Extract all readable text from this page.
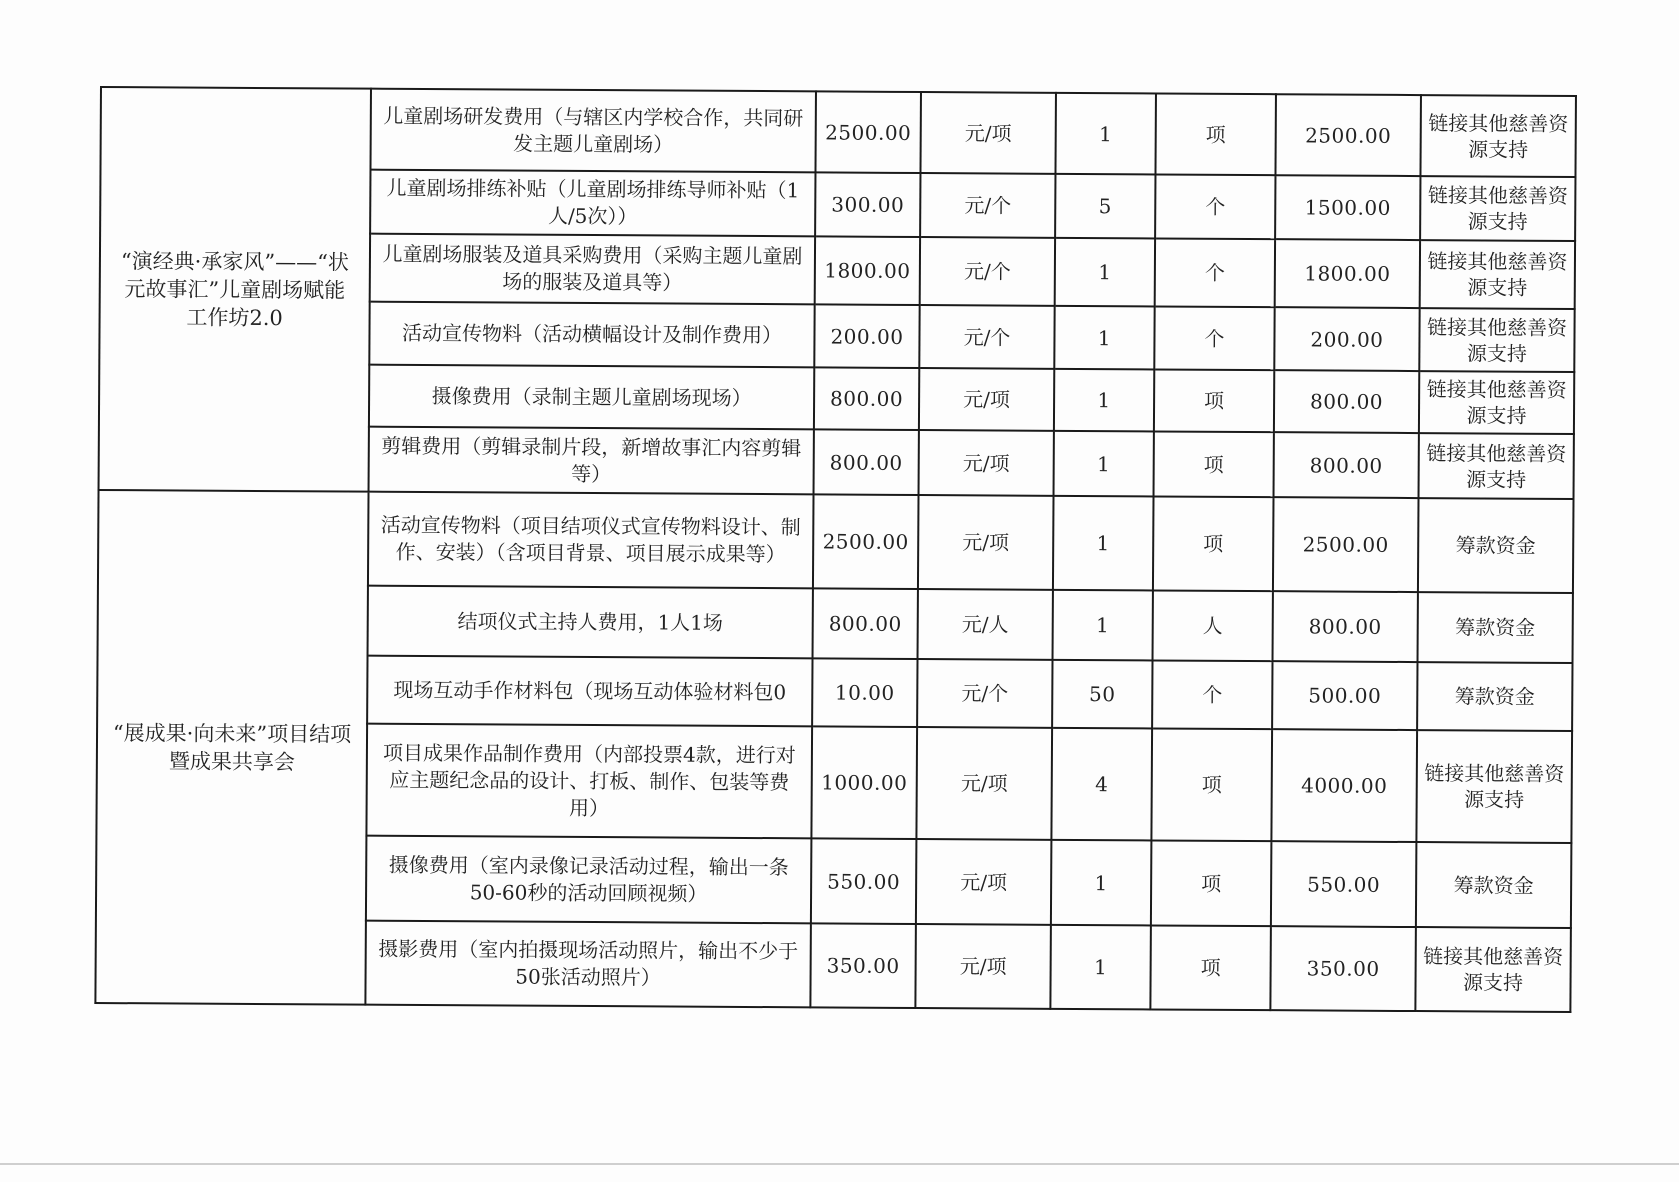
“演经典·承家风”——“状元故事汇”儿童剧场赋能工作坊2.0	儿童剧场研发费用（与辖区内学校合作，共同研发主题儿童剧场）	2500.00	元/项	1	项	2500.00	链接其他慈善资源支持
	儿童剧场排练补贴（儿童剧场排练导师补贴（1人/5次））	300.00	元/个	5	个	1500.00	链接其他慈善资源支持
	儿童剧场服装及道具采购费用（采购主题儿童剧场的服装及道具等）	1800.00	元/个	1	个	1800.00	链接其他慈善资源支持
	活动宣传物料（活动横幅设计及制作费用）	200.00	元/个	1	个	200.00	链接其他慈善资源支持
	摄像费用（录制主题儿童剧场现场）	800.00	元/项	1	项	800.00	链接其他慈善资源支持
	剪辑费用（剪辑录制片段，新增故事汇内容剪辑等）	800.00	元/项	1	项	800.00	链接其他慈善资源支持
“展成果·向未来”项目结项暨成果共享会	活动宣传物料（项目结项仪式宣传物料设计、制作、安装）（含项目背景、项目展示成果等）	2500.00	元/项	1	项	2500.00	筹款资金
	结项仪式主持人费用，1人1场	800.00	元/人	1	人	800.00	筹款资金
	现场互动手作材料包（现场互动体验材料包0	10.00	元/个	50	个	500.00	筹款资金
	项目成果作品制作费用（内部投票4款，进行对应主题纪念品的设计、打板、制作、包装等费用）	1000.00	元/项	4	项	4000.00	链接其他慈善资源支持
	摄像费用（室内录像记录活动过程，输出一条50-60秒的活动回顾视频）	550.00	元/项	1	项	550.00	筹款资金
	摄影费用（室内拍摄现场活动照片，输出不少于50张活动照片）	350.00	元/项	1	项	350.00	链接其他慈善资源支持
